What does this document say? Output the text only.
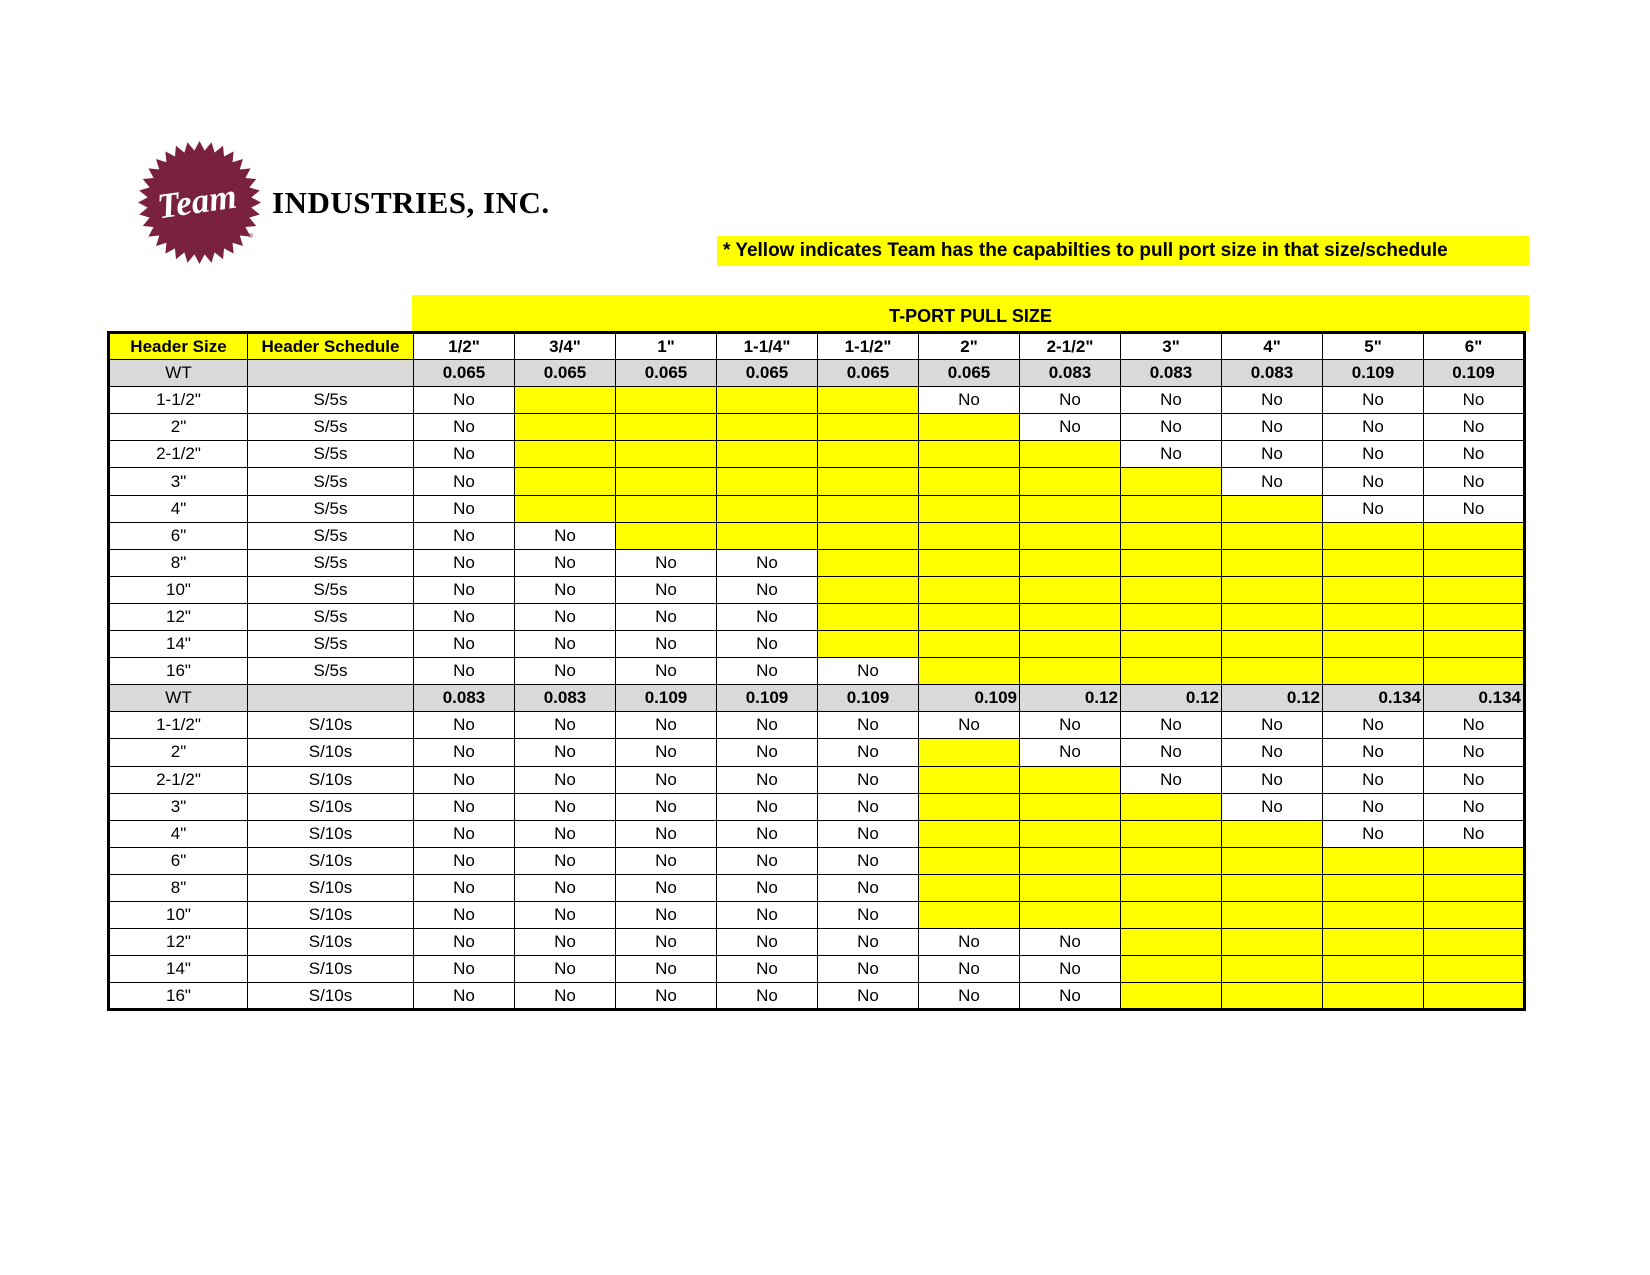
Team
®
INDUSTRIES, INC.
* Yellow indicates Team has the capabilties to pull port size in that size/schedule
T-PORT PULL SIZE
Header Size	Header Schedule	1/2"	3/4"	1"	1-1/4"	1-1/2"	2"	2-1/2"	3"	4"	5"	6"
WT		0.065	0.065	0.065	0.065	0.065	0.065	0.083	0.083	0.083	0.109	0.109
1-1/2"	S/5s	No					No	No	No	No	No	No
2"	S/5s	No						No	No	No	No	No
2-1/2"	S/5s	No							No	No	No	No
3"	S/5s	No								No	No	No
4"	S/5s	No									No	No
6"	S/5s	No	No									
8"	S/5s	No	No	No	No							
10"	S/5s	No	No	No	No							
12"	S/5s	No	No	No	No							
14"	S/5s	No	No	No	No							
16"	S/5s	No	No	No	No	No						
WT		0.083	0.083	0.109	0.109	0.109	0.109	0.12	0.12	0.12	0.134	0.134
1-1/2"	S/10s	No	No	No	No	No	No	No	No	No	No	No
2"	S/10s	No	No	No	No	No		No	No	No	No	No
2-1/2"	S/10s	No	No	No	No	No			No	No	No	No
3"	S/10s	No	No	No	No	No				No	No	No
4"	S/10s	No	No	No	No	No					No	No
6"	S/10s	No	No	No	No	No						
8"	S/10s	No	No	No	No	No						
10"	S/10s	No	No	No	No	No						
12"	S/10s	No	No	No	No	No	No	No				
14"	S/10s	No	No	No	No	No	No	No				
16"	S/10s	No	No	No	No	No	No	No				
